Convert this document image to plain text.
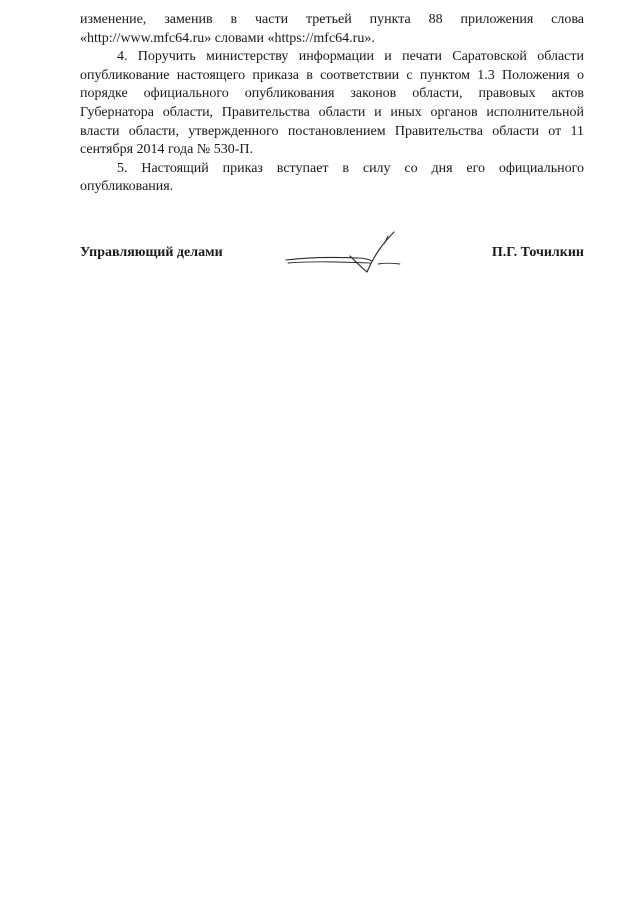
изменение, заменив в части третьей пункта 88 приложения слова «http://www.mfc64.ru» словами «https://mfc64.ru».

4. Поручить министерству информации и печати Саратовской области опубликование настоящего приказа в соответствии с пунктом 1.3 Положения о порядке официального опубликования законов области, правовых актов Губернатора области, Правительства области и иных органов исполнительной власти области, утвержденного постановлением Правительства области от 11 сентября 2014 года № 530-П.

5. Настоящий приказ вступает в силу со дня его официального опубликования.

Управляющий делами	П.Г. Точилкин
